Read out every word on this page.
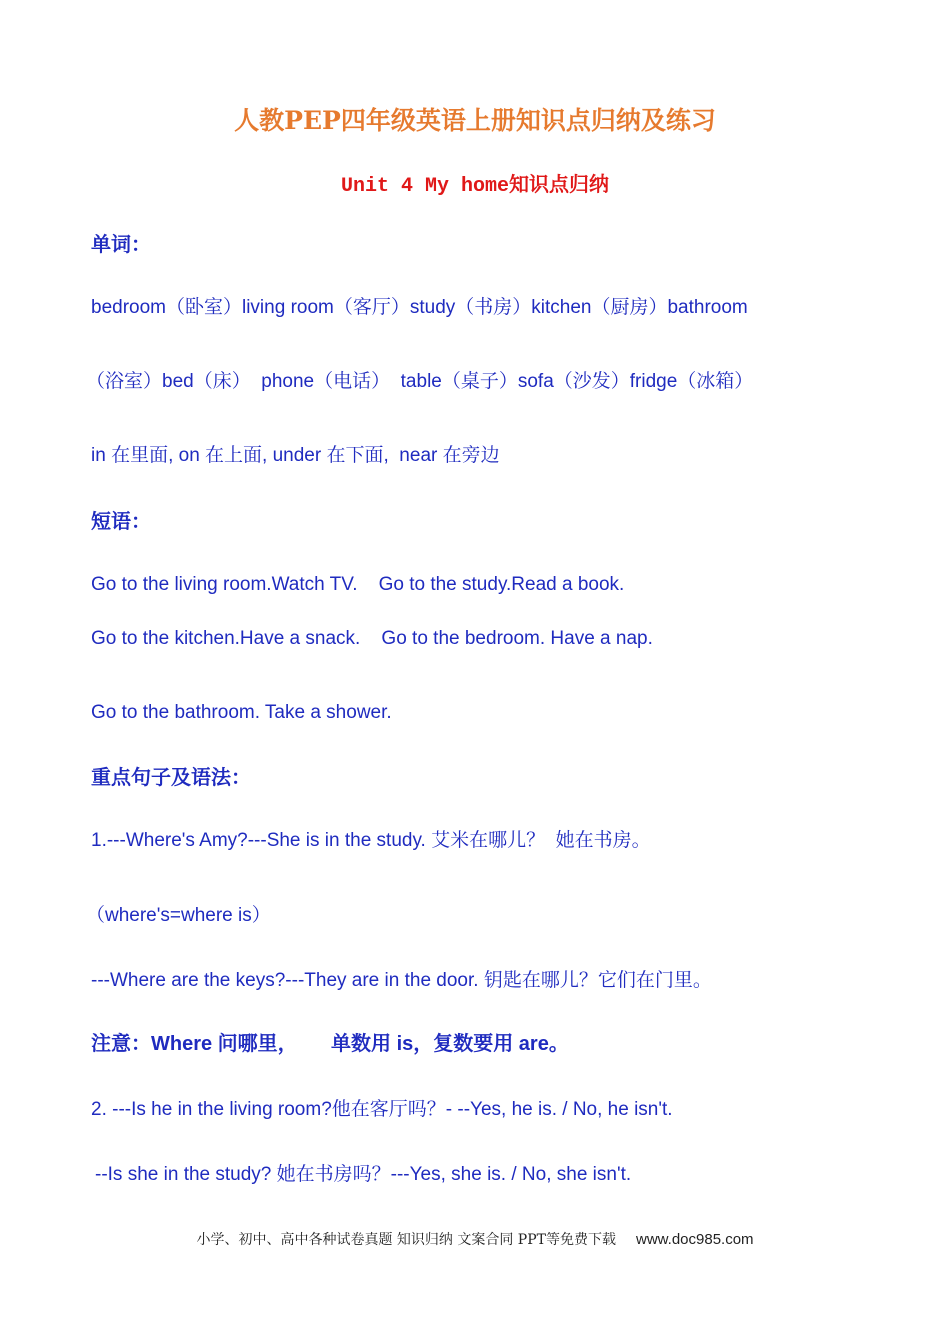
人教PEP四年级英语上册知识点归纳及练习
Unit 4 My home知识点归纳
单词：
bedroom（卧室）living room（客厅）study（书房）kitchen（厨房）bathroom
（浴室）bed（床）  phone（电话）  table（桌子）sofa（沙发）fridge（冰箱）
in 在里面, on 在上面, under 在下面,  near 在旁边
短语：
Go to the living room.Watch TV.    Go to the study.Read a book.
Go to the kitchen.Have a snack.    Go to the bedroom. Have a nap.
Go to the bathroom. Take a shower.
重点句子及语法：
1.---Where's Amy?---She is in the study. 艾米在哪儿？  她在书房。
（where's=where is）
---Where are the keys?---They are in the door. 钥匙在哪儿？它们在门里。
注意：Where 问哪里，      单数用 is，复数要用 are。
2. ---Is he in the living room?他在客厅吗？- --Yes, he is. / No, he isn't.
--Is she in the study? 她在书房吗？---Yes, she is. / No, she isn't.
小学、初中、高中各种试卷真题 知识归纳 文案合同 PPT等免费下载 www.doc985.com
